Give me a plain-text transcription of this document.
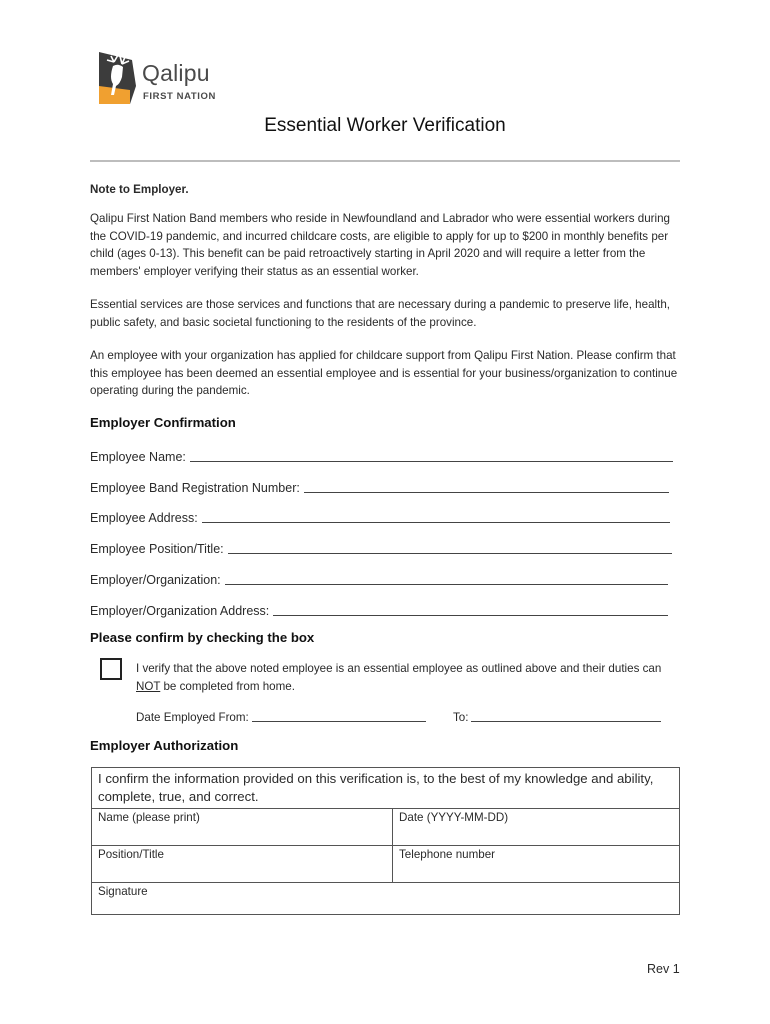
Qalipu
FIRST NATION
Essential Worker Verification
Note to Employer.

Qalipu First Nation Band members who reside in Newfoundland and Labrador who were essential workers during the COVID-19 pandemic, and incurred childcare costs, are eligible to apply for up to $200 in monthly benefits per child (ages 0-13). This benefit can be paid retroactively starting in April 2020 and will require a letter from the members' employer verifying their status as an essential worker.

Essential services are those services and functions that are necessary during a pandemic to preserve life, health, public safety, and basic societal functioning to the residents of the province.

An employee with your organization has applied for childcare support from Qalipu First Nation. Please confirm that this employee has been deemed an essential employee and is essential for your business/organization to continue operating during the pandemic.

Employer Confirmation
Employee Name:
Employee Band Registration Number:
Employee Address:
Employee Position/Title:
Employer/Organization:
Employer/Organization Address:
Please confirm by checking the box
I verify that the above noted employee is an essential employee as outlined above and their duties can NOT be completed from home.
Date Employed From:	To:
Employer Authorization
I confirm the information provided on this verification is, to the best of my knowledge and ability, complete, true, and correct.	
Name (please print)	Date (YYYY-MM-DD)
Position/Title	Telephone number
Signature	
Rev 1
